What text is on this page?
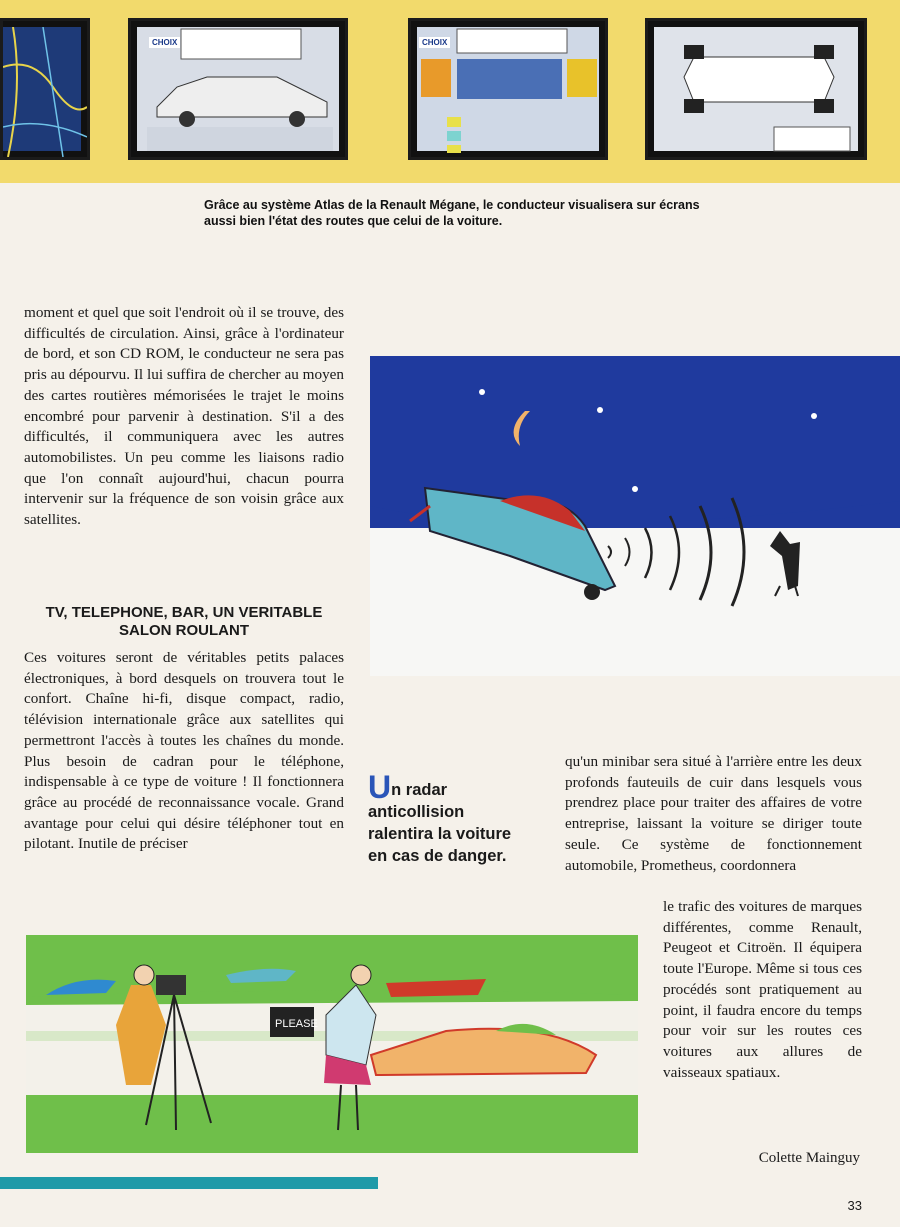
CHOIX	CHOIX
Grâce au système Atlas de la Renault Mégane, le conducteur visualisera sur écrans aussi bien l'état des routes que celui de la voiture.

moment et quel que soit l'endroit où il se trouve, des difficultés de circulation. Ainsi, grâce à l'ordinateur de bord, et son CD ROM, le conducteur ne sera pas pris au dépourvu. Il lui suffira de chercher au moyen des cartes routières mémorisées le trajet le moins encombré pour parvenir à destination. S'il a des difficultés, il communiquera avec les autres automobilistes. Un peu comme les liaisons radio que l'on connaît aujourd'hui, chacun pourra intervenir sur la fréquence de son voisin grâce aux satellites.

TV, TELEPHONE, BAR, UN VERITABLE SALON ROULANT

Ces voitures seront de véritables petits palaces électroniques, à bord desquels on trouvera tout le confort. Chaîne hi-fi, disque compact, radio, télévision internationale grâce aux satellites qui permettront l'accès à toutes les chaînes du monde. Plus besoin de cadran pour le téléphone, indispensable à ce type de voiture ! Il fonctionnera grâce au procédé de reconnaissance vocale. Grand avantage pour celui qui désire téléphoner tout en pilotant. Inutile de préciser

Un radar anticollision ralentira la voiture en cas de danger.

qu'un minibar sera situé à l'arrière entre les deux profonds fauteuils de cuir dans lesquels vous prendrez place pour traiter des affaires de votre entreprise, laissant la voiture se diriger toute seule. Ce système de fonctionnement automobile, Prometheus, coordonnera

le trafic des voitures de marques différentes, comme Renault, Peugeot et Citroën. Il équipera toute l'Europe. Même si tous ces procédés sont pratiquement au point, il faudra encore du temps pour voir sur les routes ces voitures aux allures de vaisseaux spatiaux.

PLEASE
Colette Mainguy
33
